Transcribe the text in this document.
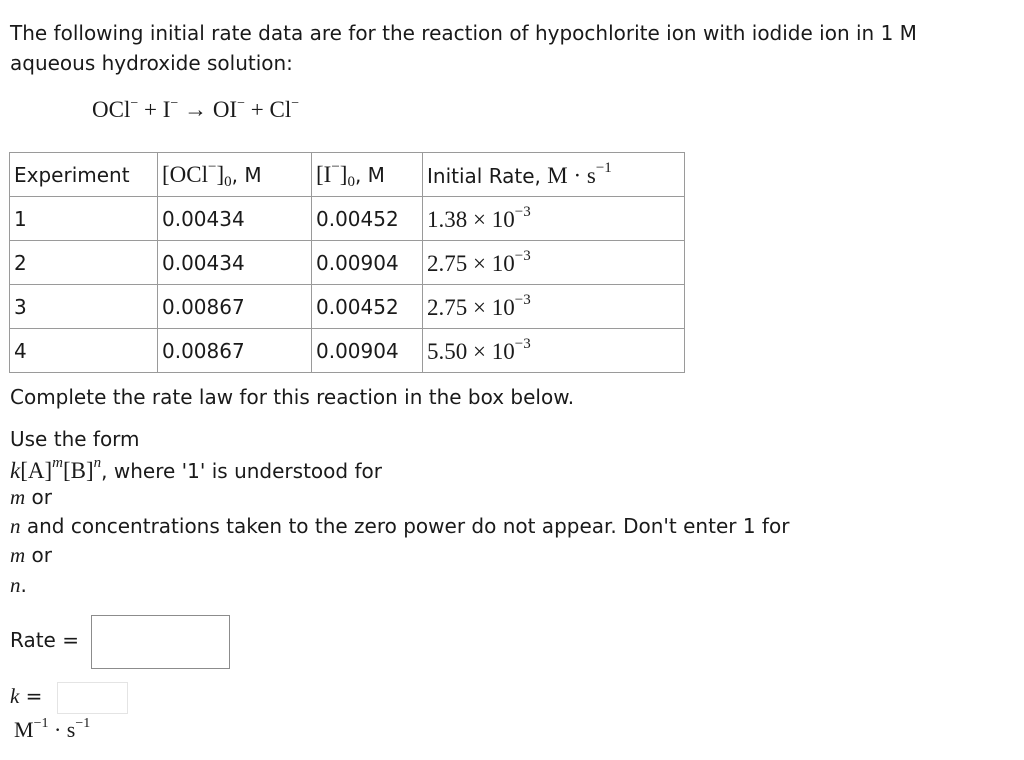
The following initial rate data are for the reaction of hypochlorite ion with iodide ion in 1 M aqueous hydroxide solution:

OCl− + I− → OI− + Cl−
Experiment	$[OCl^-]_0$, M	$[I^-]_0$, M	Initial Rate, $M \cdot s^{-1}$
1	0.00434	0.00452	$1.38 \times 10^{-3}$
2	0.00434	0.00904	$2.75 \times 10^{-3}$
3	0.00867	0.00452	$2.75 \times 10^{-3}$
4	0.00867	0.00904	$5.50 \times 10^{-3}$

Complete the rate law for this reaction in the box below.

Use the form

$k[A]^m[B]^n$, where '1' is understood for

m or

n and concentrations taken to the zero power do not appear. Don't enter 1 for

m or

n.

Rate =

k =

$M^{-1} \cdot s^{-1}$
